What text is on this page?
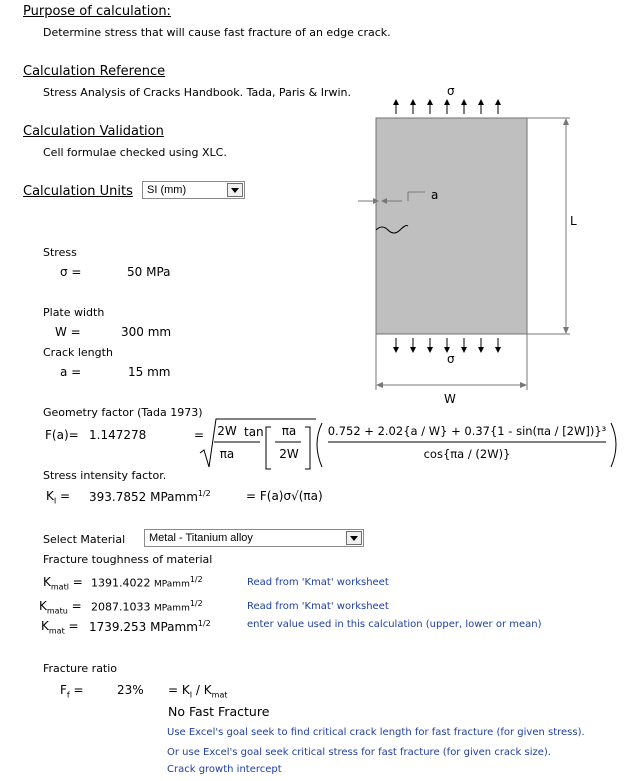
Purpose of calculation:
Determine stress that will cause fast fracture of an edge crack.
Calculation Reference
Stress Analysis of Cracks Handbook. Tada, Paris & Irwin.
Calculation Validation
Cell formulae checked using XLC.
Calculation Units	SI (mm)
Stress
σ =	50 MPa
Plate width
W =	300 mm
Crack length
a =	15 mm
Geometry factor (Tada 1973)
F(a)= 1.147278	=	2W
πa
tan	πa
2W
0.752 + 2.02{a / W} + 0.37{1 - sin(πa / [2W])}³
cos{πa / (2W)}
Stress intensity factor.
$K_I = 393.7852$ MPamm$^{1/2}$	= F(a)σ√(πa)
Select Material	Metal - Titanium alloy
Fracture toughness of material
$K_{matl} = 1391.4022$ MPamm$^{1/2}$	Read from 'Kmat' worksheet
$K_{matu} = 2087.1033$ MPamm$^{1/2}$	Read from 'Kmat' worksheet
$K_{mat} = 1739.253$ MPamm$^{1/2}$	enter value used in this calculation (upper, lower or mean)
Fracture ratio
$F_f$ =	$23\% = K_I / K_{mat}$
No Fast Fracture
Use Excel's goal seek to find critical crack length for fast fracture (for given stress).
Or use Excel's goal seek critical stress for fast fracture (for given crack size).
Crack growth intercept
σ
σ
a
L
W
